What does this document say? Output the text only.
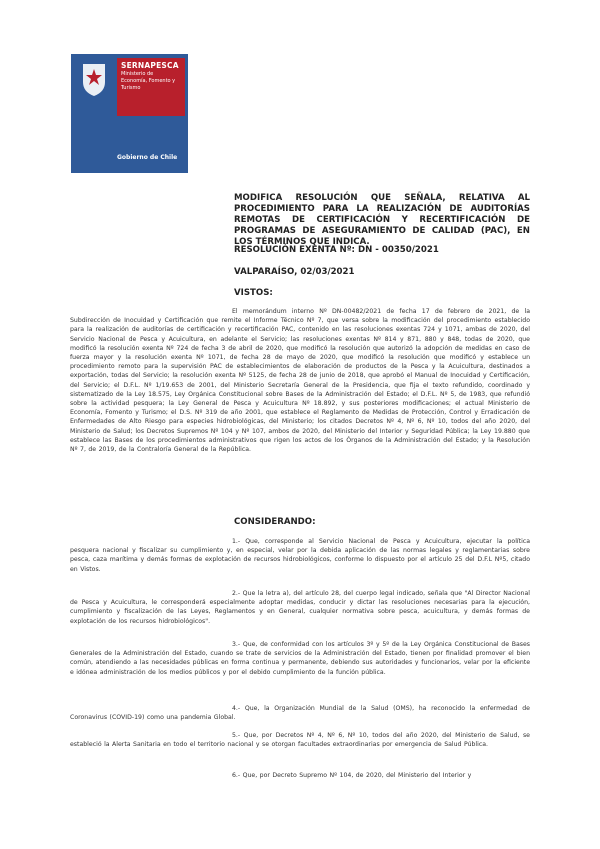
SERNAPESCA
Ministerio de
Economía, Fomento y
Turismo
Gobierno de Chile
MODIFICA RESOLUCIÓN QUE SEÑALA, RELATIVA AL PROCEDIMIENTO PARA LA REALIZACIÓN DE AUDITORÍAS REMOTAS DE CERTIFICACIÓN Y RECERTIFICACIÓN DE PROGRAMAS DE ASEGURAMIENTO DE CALIDAD (PAC), EN LOS TÉRMINOS QUE INDICA.
RESOLUCIÓN EXENTA Nº: DN - 00350/2021
VALPARAÍSO, 02/03/2021
VISTOS:
El memorándum interno Nº DN-00482/2021 de fecha 17 de febrero de 2021, de la Subdirección de Inocuidad y Certificación que remite el Informe Técnico Nº 7, que versa sobre la modificación del procedimiento establecido para la realización de auditorías de certificación y recertificación PAC, contenido en las resoluciones exentas 724 y 1071, ambas de 2020, del Servicio Nacional de Pesca y Acuicultura, en adelante el Servicio; las resoluciones exentas Nº 814 y 871, 880 y 848, todas de 2020, que modificó la resolución exenta Nº 724 de fecha 3 de abril de 2020, que modificó la resolución que autorizó la adopción de medidas en caso de fuerza mayor y la resolución exenta Nº 1071, de fecha 28 de mayo de 2020, que modificó la resolución que modificó y establece un procedimiento remoto para la supervisión PAC de establecimientos de elaboración de productos de la Pesca y la Acuicultura, destinados a exportación, todas del Servicio; la resolución exenta Nº 5125, de fecha 28 de junio de 2018, que aprobó el Manual de Inocuidad y Certificación, del Servicio; el D.F.L. Nº 1/19.653 de 2001, del Ministerio Secretaría General de la Presidencia, que fija el texto refundido, coordinado y sistematizado de la Ley 18.575, Ley Orgánica Constitucional sobre Bases de la Administración del Estado; el D.F.L. Nº 5, de 1983, que refundió sobre la actividad pesquera; la Ley General de Pesca y Acuicultura Nº 18.892, y sus posteriores modificaciones; el actual Ministerio de Economía, Fomento y Turismo; el D.S. Nº 319 de año 2001, que establece el Reglamento de Medidas de Protección, Control y Erradicación de Enfermedades de Alto Riesgo para especies hidrobiológicas, del Ministerio; los citados Decretos Nº 4, Nº 6, Nº 10, todos del año 2020, del Ministerio de Salud; los Decretos Supremos Nº 104 y Nº 107, ambos de 2020, del Ministerio del Interior y Seguridad Pública; la Ley 19.880 que establece las Bases de los procedimientos administrativos que rigen los actos de los Órganos de la Administración del Estado; y la Resolución Nº 7, de 2019, de la Contraloría General de la República.
CONSIDERANDO:
1.- Que, corresponde al Servicio Nacional de Pesca y Acuicultura, ejecutar la política pesquera nacional y fiscalizar su cumplimiento y, en especial, velar por la debida aplicación de las normas legales y reglamentarias sobre pesca, caza marítima y demás formas de explotación de recursos hidrobiológicos, conforme lo dispuesto por el artículo 25 del D.F.L Nº5, citado en Vistos.
2.- Que la letra a), del artículo 28, del cuerpo legal indicado, señala que "Al Director Nacional de Pesca y Acuicultura, le corresponderá especialmente adoptar medidas, conducir y dictar las resoluciones necesarias para la ejecución, cumplimiento y fiscalización de las Leyes, Reglamentos y en General, cualquier normativa sobre pesca, acuicultura, y demás formas de explotación de los recursos hidrobiológicos".
3.- Que, de conformidad con los artículos 3º y 5º de la Ley Orgánica Constitucional de Bases Generales de la Administración del Estado, cuando se trate de servicios de la Administración del Estado, tienen por finalidad promover el bien común, atendiendo a las necesidades públicas en forma continua y permanente, debiendo sus autoridades y funcionarios, velar por la eficiente e idónea administración de los medios públicos y por el debido cumplimiento de la función pública.
4.- Que, la Organización Mundial de la Salud (OMS), ha reconocido la enfermedad de Coronavirus (COVID-19) como una pandemia Global.
5.- Que, por Decretos Nº 4, Nº 6, Nº 10, todos del año 2020, del Ministerio de Salud, se estableció la Alerta Sanitaria en todo el territorio nacional y se otorgan facultades extraordinarias por emergencia de Salud Pública.
6.- Que, por Decreto Supremo Nº 104, de 2020, del Ministerio del Interior y
